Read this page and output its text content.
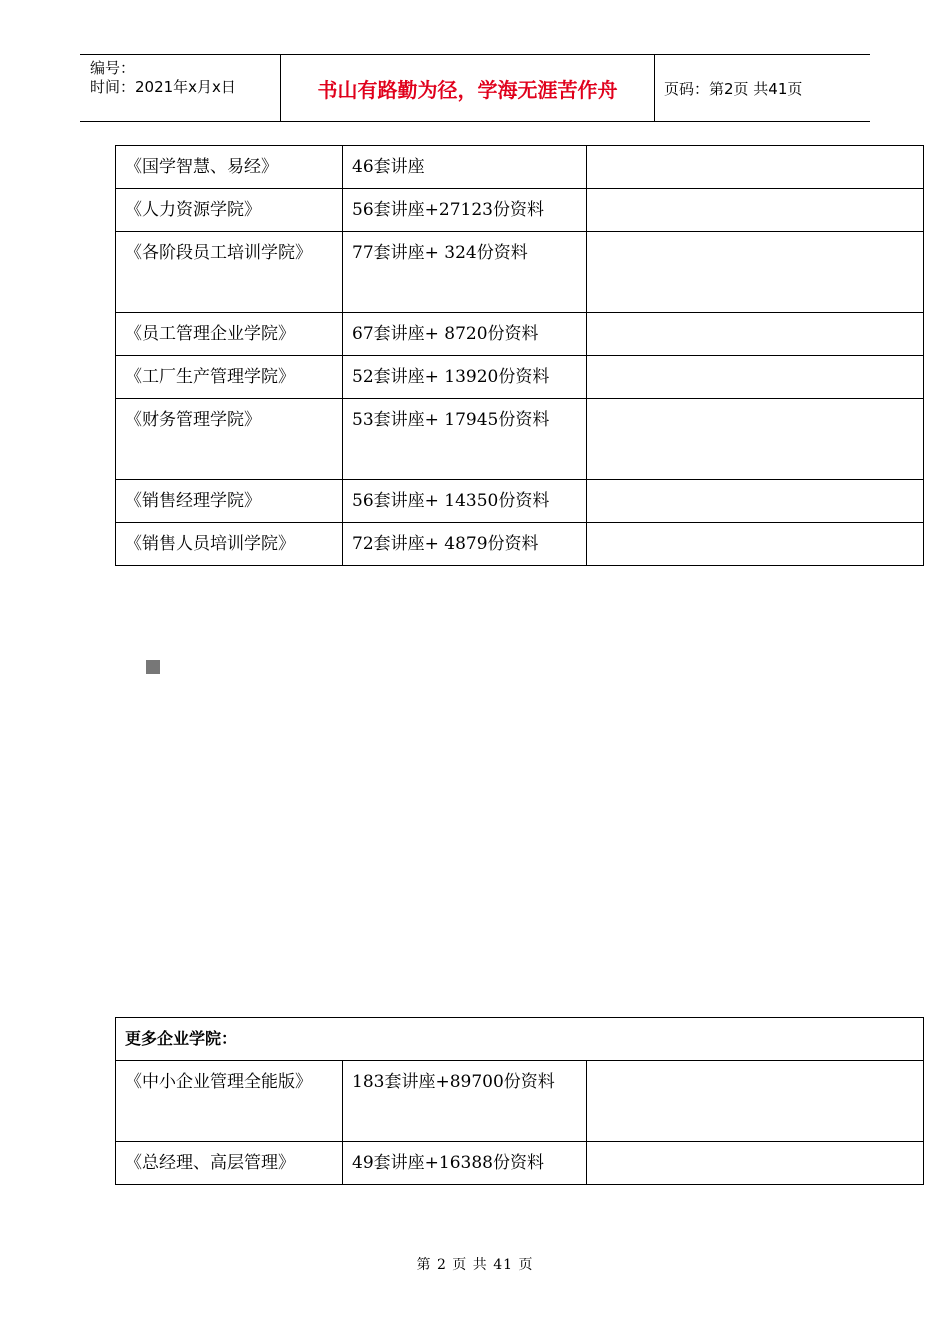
编号：
时间：2021年x月x日	书山有路勤为径，学海无涯苦作舟	页码：第2页 共41页
《国学智慧、易经》	46套讲座	
《人力资源学院》	56套讲座+27123份资料	
《各阶段员工培训学院》	77套讲座+ 324份资料	
《员工管理企业学院》	67套讲座+ 8720份资料	
《工厂生产管理学院》	52套讲座+ 13920份资料	
《财务管理学院》	53套讲座+ 17945份资料	
《销售经理学院》	56套讲座+ 14350份资料	
《销售人员培训学院》	72套讲座+ 4879份资料	
更多企业学院：		
《中小企业管理全能版》	183套讲座+89700份资料	
《总经理、高层管理》	49套讲座+16388份资料	
第 2 页 共 41 页
